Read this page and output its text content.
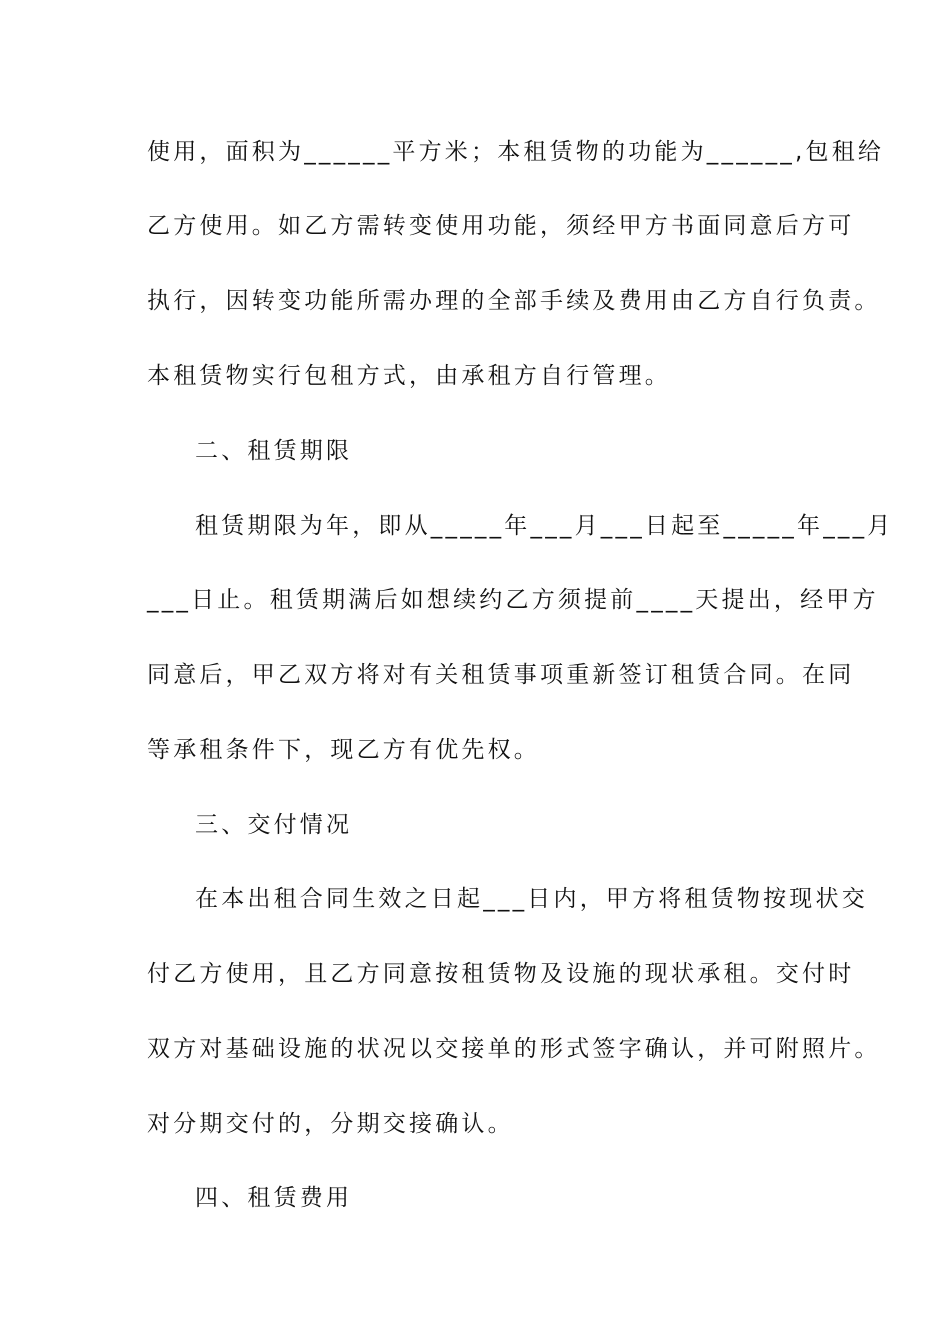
使用，面积为______平方米；本租赁物的功能为______,包租给
乙方使用。如乙方需转变使用功能，须经甲方书面同意后方可
执行，因转变功能所需办理的全部手续及费用由乙方自行负责。
本租赁物实行包租方式，由承租方自行管理。
二、租赁期限
租赁期限为年，即从_____年___月___日起至_____年___月
___日止。租赁期满后如想续约乙方须提前____天提出，经甲方
同意后，甲乙双方将对有关租赁事项重新签订租赁合同。在同
等承租条件下，现乙方有优先权。
三、交付情况
在本出租合同生效之日起___日内，甲方将租赁物按现状交
付乙方使用，且乙方同意按租赁物及设施的现状承租。交付时
双方对基础设施的状况以交接单的形式签字确认，并可附照片。
对分期交付的，分期交接确认。
四、租赁费用
